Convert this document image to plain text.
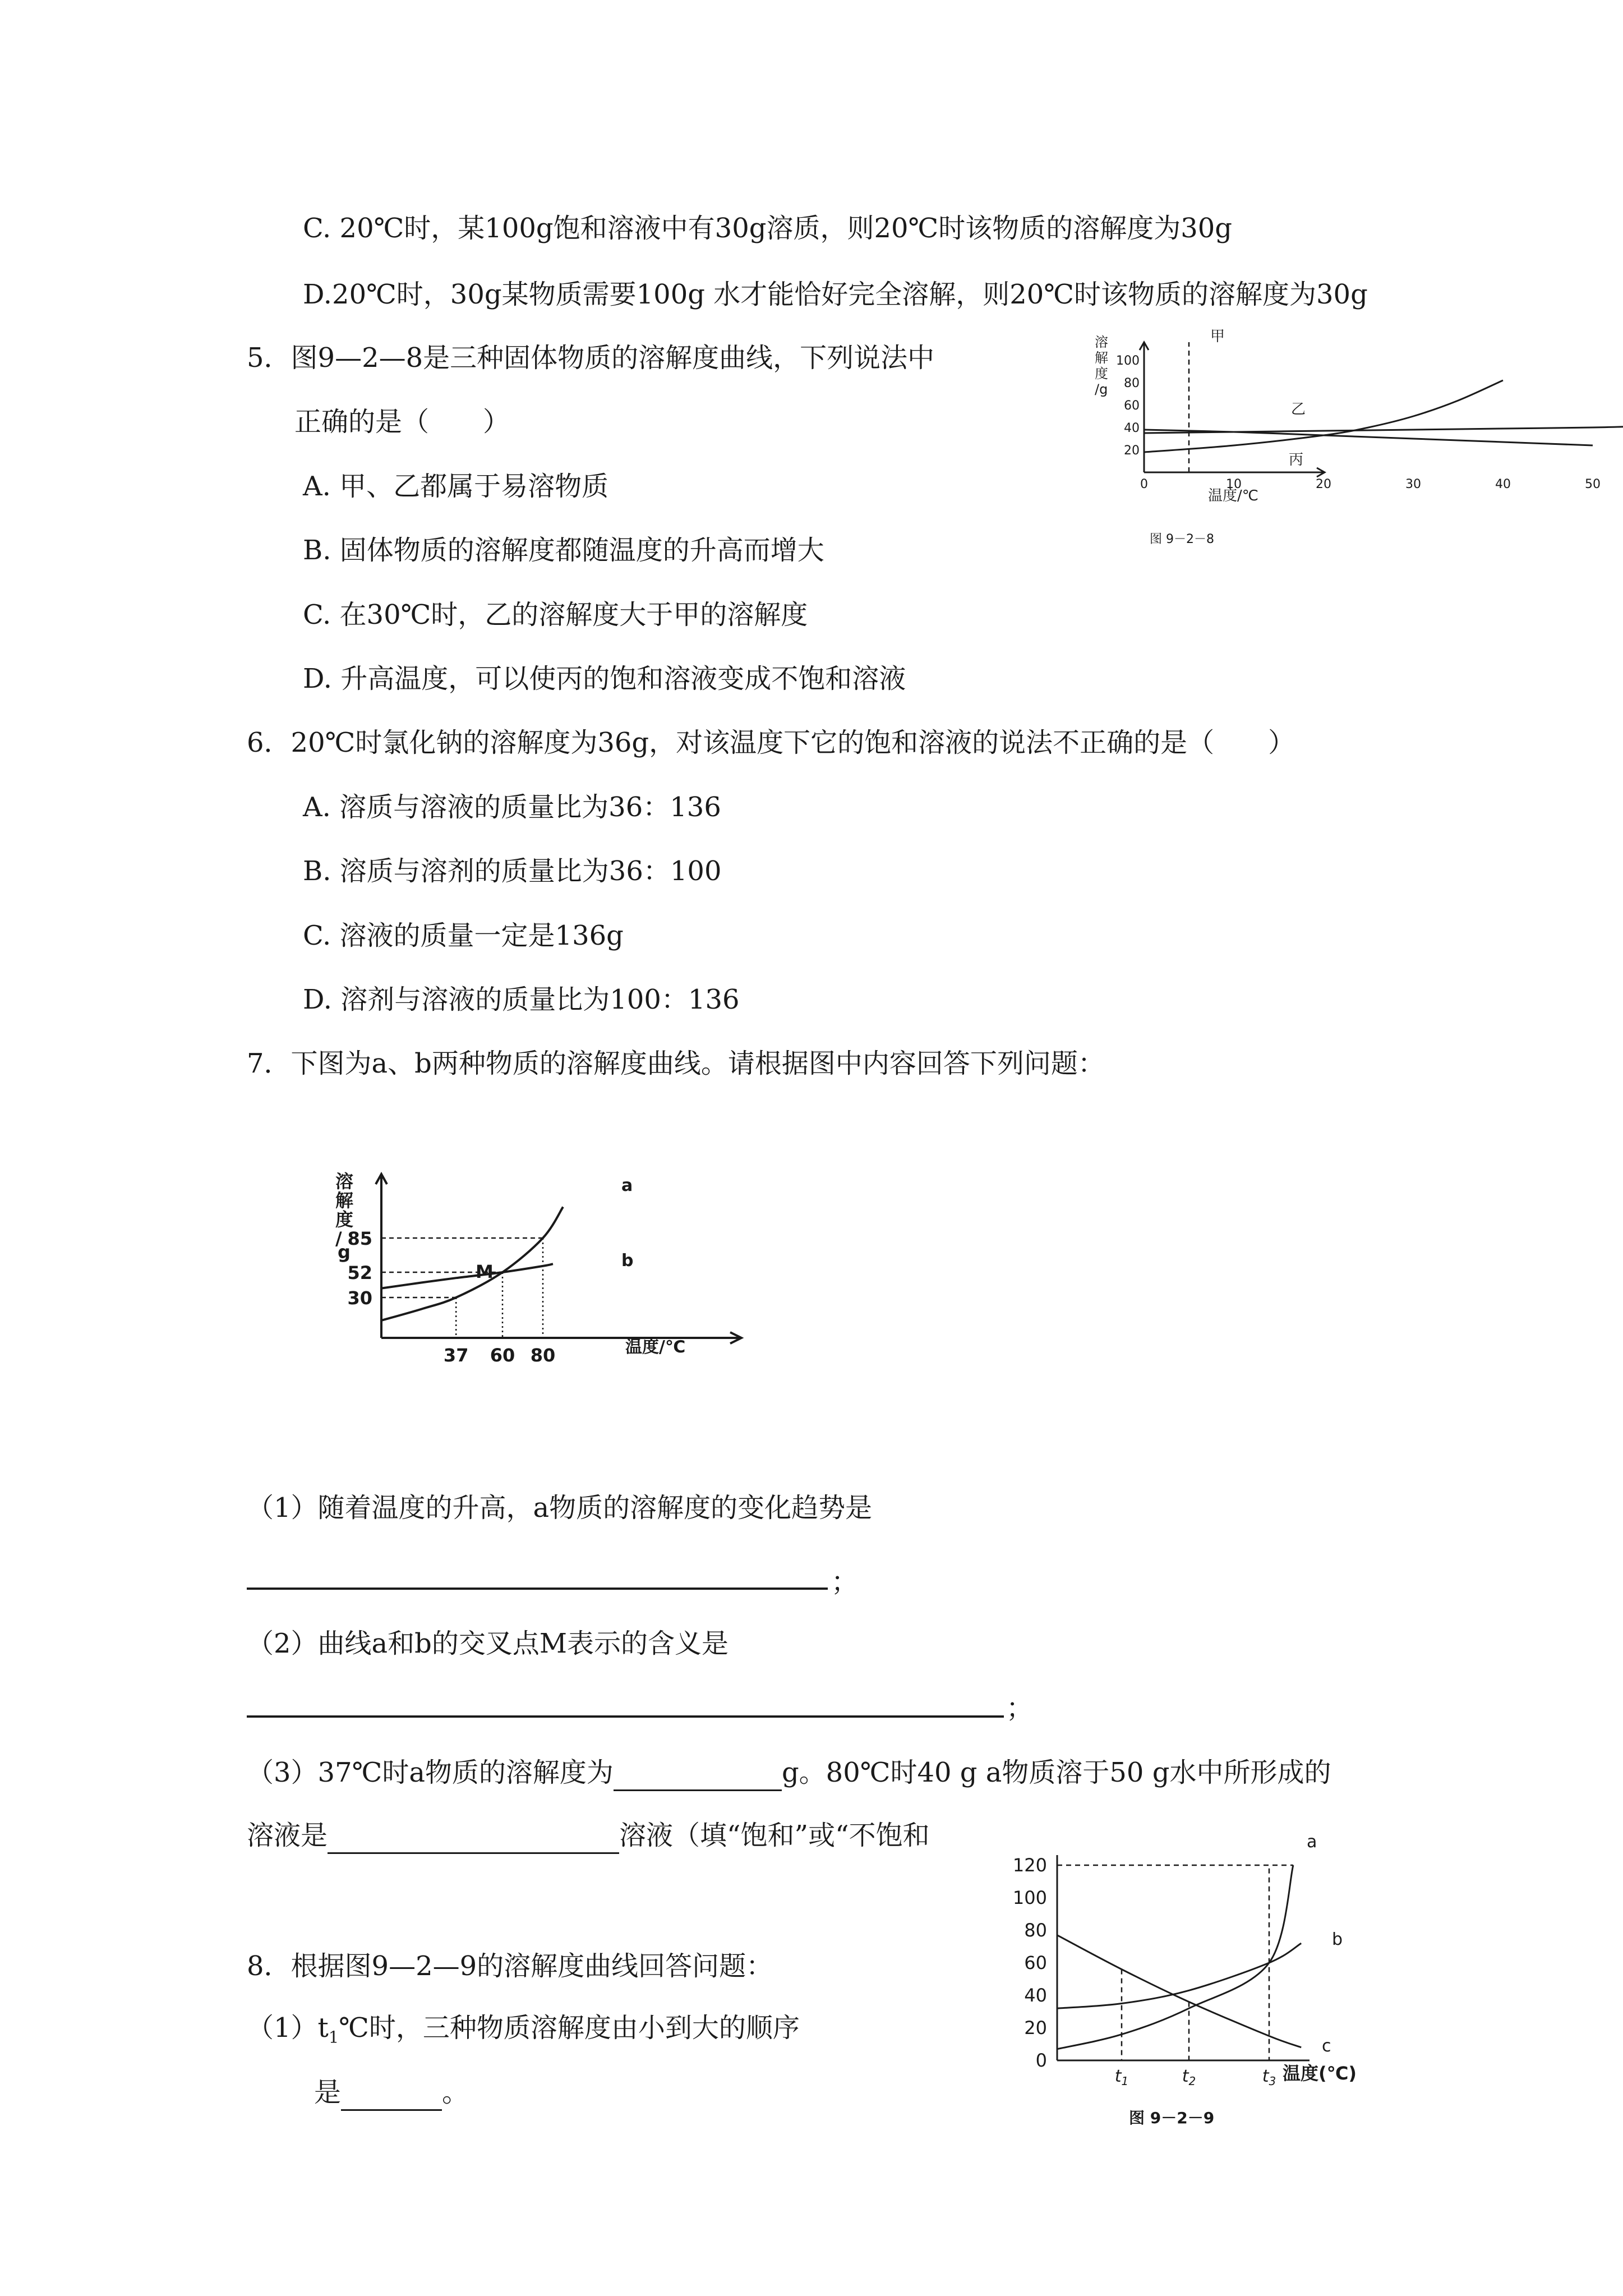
C. 20℃时，某100g饱和溶液中有30g溶质，则20℃时该物质的溶解度为30g
D.20℃时，30g某物质需要100g 水才能恰好完全溶解，则20℃时该物质的溶解度为30g
5．图9—2—8是三种固体物质的溶解度曲线，下列说法中
正确的是（　　）
A. 甲、乙都属于易溶物质
B. 固体物质的溶解度都随温度的升高而增大
C. 在30℃时，乙的溶解度大于甲的溶解度
D. 升高温度，可以使丙的饱和溶液变成不饱和溶液
溶
解
度
/g
20
40
60
80
100
0	10	20	30	40	50
甲
乙
丙
温度/℃
图 9－2－8
6．20℃时氯化钠的溶解度为36g，对该温度下它的饱和溶液的说法不正确的是（　　）
A. 溶质与溶液的质量比为36：136
B. 溶质与溶剂的质量比为36：100
C. 溶液的质量一定是136g
D. 溶剂与溶液的质量比为100：136
7．下图为a、b两种物质的溶解度曲线。请根据图中内容回答下列问题：
溶
解
度
/
g
30
52
85
37 60 80
M
a
b
温度/℃
（1）随着温度的升高，a物质的溶解度的变化趋势是
；
（2）曲线a和b的交叉点M表示的含义是
；
（3）37℃时a物质的溶解度为	g。80℃时40 g a物质溶于50 g水中所形成的
溶液是	溶液（填“饱和”或“不饱和
8．根据图9—2—9的溶解度曲线回答问题：
$(1)t_1℃$时，三种物质溶解度由小到大的顺序
是	。
0
20
40
60
80
100
120
$t_1$	$t_2$	$t_3$
a
b
c
温度(℃)
图 9－2－9
